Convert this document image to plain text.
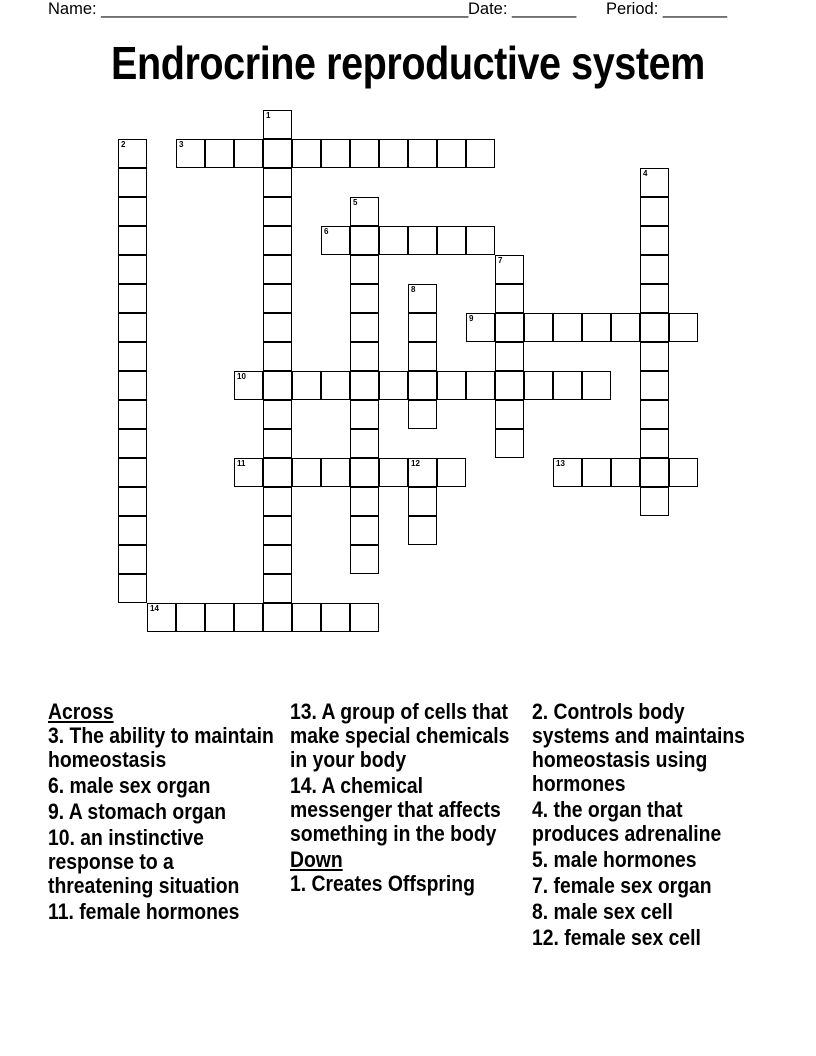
Name: ________________________________________ Date: _______ Period: _______
Endrocrine reproductive system
1
2	3
4
5
6
7
8
9
10
11	12	13
14
Across
3. The ability to maintain homeostasis
6. male sex organ
9. A stomach organ
10. an instinctive response to a threatening situation
11. female hormones
13. A group of cells that make special chemicals in your body
14. A chemical messenger that affects something in the body
Down
1. Creates Offspring
2. Controls body systems and maintains homeostasis using hormones
4. the organ that produces adrenaline
5. male hormones
7. female sex organ
8. male sex cell
12. female sex cell
